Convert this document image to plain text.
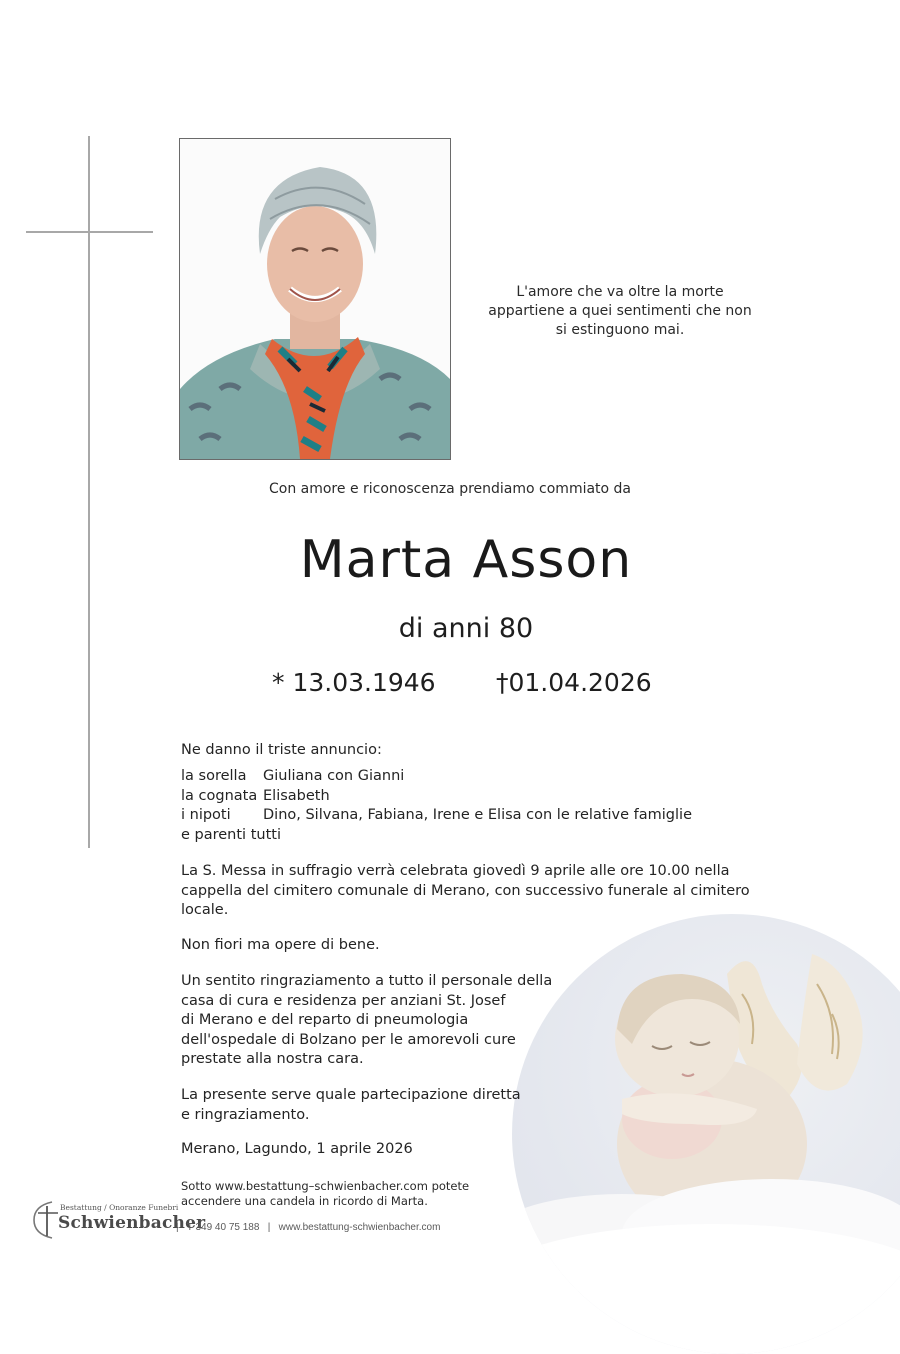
L'amore che va oltre la morte
appartiene a quei sentimenti che non
si estinguono mai.
Con amore e riconoscenza prendiamo commiato da
Marta Asson
di anni 80
* 13.03.1946 †01.04.2026
Ne danno il triste annuncio:
la sorella	Giuliana con Gianni
la cognata Elisabeth
i nipoti	Dino, Silvana, Fabiana, Irene e Elisa con le relative famiglie
e parenti tutti
La S. Messa in suffragio verrà celebrata giovedì 9 aprile alle ore 10.00 nella
cappella del cimitero comunale di Merano, con successivo funerale al cimitero
locale.
Non fiori ma opere di bene.
Un sentito ringraziamento a tutto il personale della
casa di cura e residenza per anziani St. Josef
di Merano e del reparto di pneumologia
dell'ospedale di Bolzano per le amorevoli cure
prestate alla nostra cara.
La presente serve quale partecipazione diretta
e ringraziamento.
Merano, Lagundo, 1 aprile 2026
Sotto www.bestattung–schwienbacher.com potete
accendere una candela in ricordo di Marta.
Bestattung / Onoranze Funebri
Schwienbacher
|   T 349 40 75 188   |   www.bestattung-schwienbacher.com
